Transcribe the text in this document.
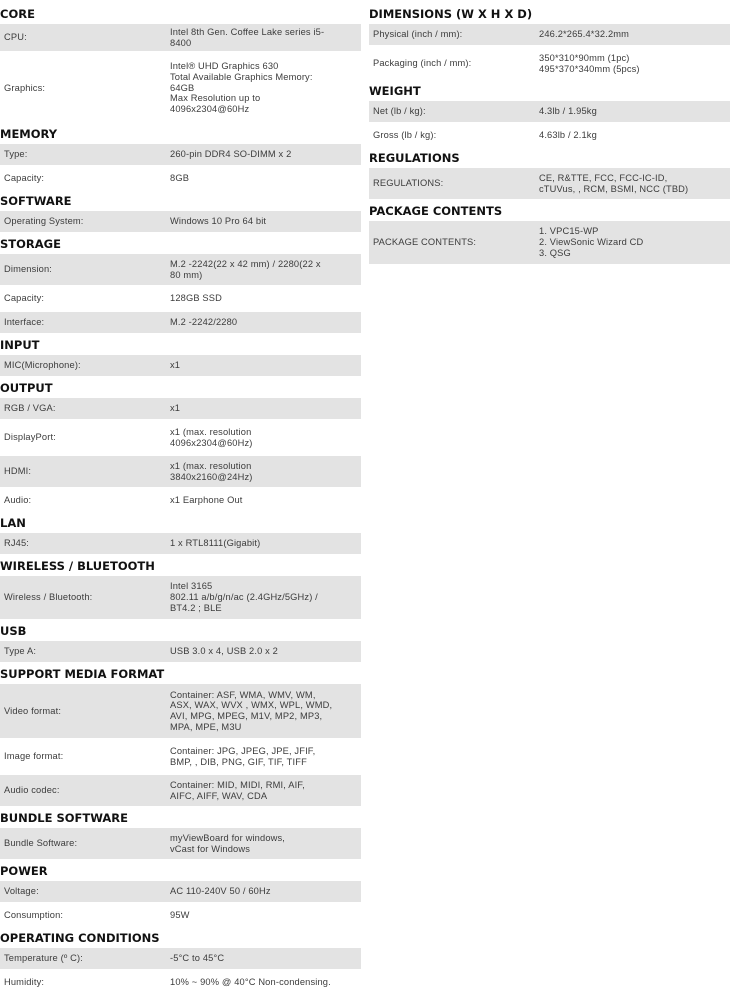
CORE
CPU:
Intel 8th Gen. Coffee Lake series i5-
8400
Graphics:
Intel® UHD Graphics 630
Total Available Graphics Memory:
64GB
Max Resolution up to
4096x2304@60Hz
MEMORY
Type:	260-pin DDR4 SO-DIMM x 2
Capacity:	8GB
SOFTWARE
Operating System:	Windows 10 Pro 64 bit
STORAGE
Dimension:
M.2 -2242(22 x 42 mm) / 2280(22 x
80 mm)
Capacity:	128GB SSD
Interface:	M.2 -2242/2280
INPUT
MIC(Microphone):	x1
OUTPUT
RGB / VGA:	x1
DisplayPort:
x1 (max. resolution
4096x2304@60Hz)
HDMI:
x1 (max. resolution
3840x2160@24Hz)
Audio:	x1 Earphone Out
LAN
RJ45:	1 x RTL8111(Gigabit)
WIRELESS / BLUETOOTH
Wireless / Bluetooth:
Intel 3165
802.11 a/b/g/n/ac (2.4GHz/5GHz) /
BT4.2 ; BLE
USB
Type A:	USB 3.0 x 4, USB 2.0 x 2
SUPPORT MEDIA FORMAT
Video format:
Container: ASF, WMA, WMV, WM,
ASX, WAX, WVX , WMX, WPL, WMD,
AVI, MPG, MPEG, M1V, MP2, MP3,
MPA, MPE, M3U
Image format:
Container: JPG, JPEG, JPE, JFIF,
BMP, , DIB, PNG, GIF, TIF, TIFF
Audio codec:
Container: MID, MIDI, RMI, AIF,
AIFC, AIFF, WAV, CDA
BUNDLE SOFTWARE
Bundle Software:
myViewBoard for windows,
vCast for Windows
POWER
Voltage:	AC 110-240V 50 / 60Hz
Consumption:	95W
OPERATING CONDITIONS
Temperature (º C):	-5°C to 45°C
Humidity:	10% ~ 90% @ 40°C Non-condensing.
DIMENSIONS (W X H X D)
Physical (inch / mm):	246.2*265.4*32.2mm
Packaging (inch / mm):
350*310*90mm (1pc)
495*370*340mm (5pcs)
WEIGHT
Net (lb / kg):	4.3lb / 1.95kg
Gross (lb / kg):	4.63lb / 2.1kg
REGULATIONS
REGULATIONS:
CE, R&TTE, FCC, FCC-IC-ID,
cTUVus, , RCM, BSMI, NCC (TBD)
PACKAGE CONTENTS
PACKAGE CONTENTS:
1. VPC15-WP
2. ViewSonic Wizard CD
3. QSG
